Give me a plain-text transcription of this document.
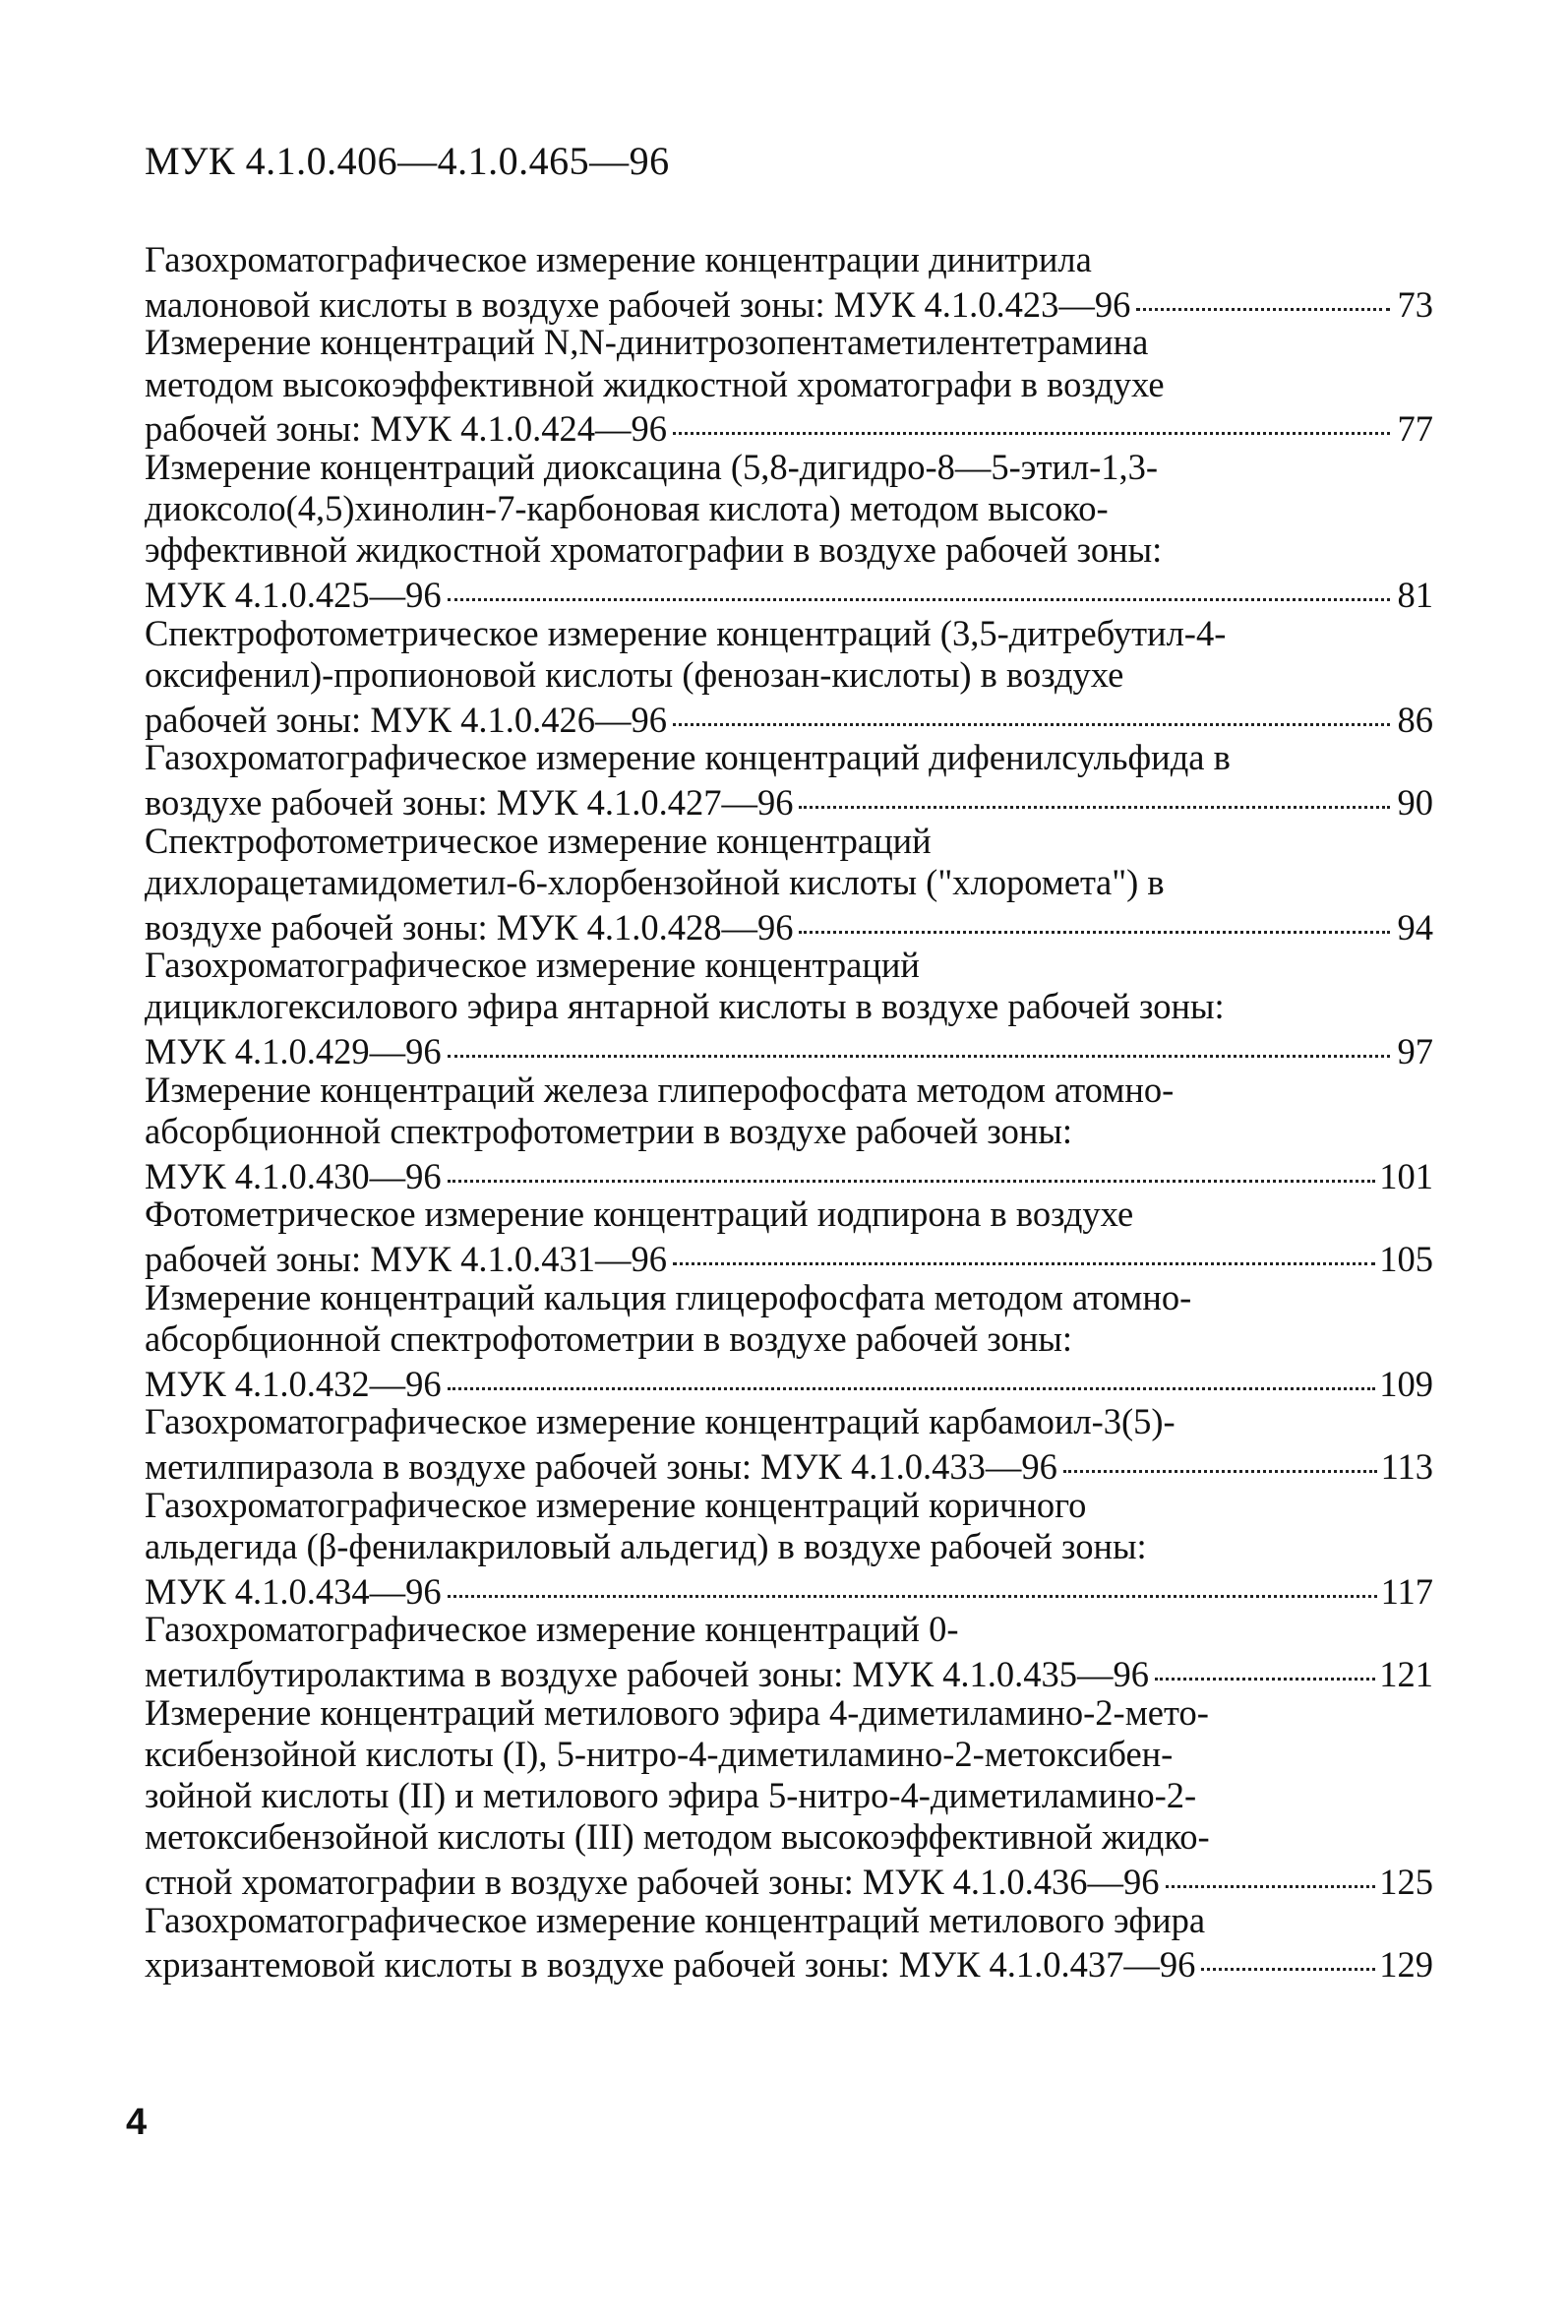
МУК 4.1.0.406—4.1.0.465—96
Газохроматографическое измерение концентрации динитрила
малоновой кислоты в воздухе рабочей зоны: МУК 4.1.0.423—96	73
Измерение концентраций N,N-динитрозопентаметилентетрамина
методом высокоэффективной жидкостной хроматографи в воздухе
рабочей зоны: МУК 4.1.0.424—96	77
Измерение концентраций диоксацина (5,8-дигидро-8—5-этил-1,3-
диоксоло(4,5)хинолин-7-карбоновая кислота) методом высоко-
эффективной жидкостной хроматографии в воздухе рабочей зоны:
МУК 4.1.0.425—96	81
Спектрофотометрическое измерение концентраций (3,5-дитребутил-4-
оксифенил)-пропионовой кислоты (фенозан-кислоты) в воздухе
рабочей зоны: МУК 4.1.0.426—96	86
Газохроматографическое измерение концентраций дифенилсульфида в
воздухе рабочей зоны: МУК 4.1.0.427—96	90
Спектрофотометрическое измерение концентраций
дихлорацетамидометил-6-хлорбензойной кислоты ("хлорометa") в
воздухе рабочей зоны: МУК 4.1.0.428—96	94
Газохроматографическое измерение концентраций
дициклогексилового эфира янтарной кислоты в воздухе рабочей зоны:
МУК 4.1.0.429—96	97
Измерение концентраций железа глиперофосфата методом атомно-
абсорбционной спектрофотометрии в воздухе рабочей зоны:
МУК 4.1.0.430—96	101
Фотометрическое измерение концентраций иодпирона в воздухе
рабочей зоны: МУК 4.1.0.431—96	105
Измерение концентраций кальция глицерофосфата методом атомно-
абсорбционной спектрофотометрии в воздухе рабочей зоны:
МУК 4.1.0.432—96	109
Газохроматографическое измерение концентраций карбамоил-3(5)-
метилпиразола в воздухе рабочей зоны: МУК 4.1.0.433—96	113
Газохроматографическое измерение концентраций коричного
альдегида (β-фенилакриловый альдегид) в воздухе рабочей зоны:
МУК 4.1.0.434—96	117
Газохроматографическое измерение концентраций 0-
метилбутиролактима в воздухе рабочей зоны: МУК 4.1.0.435—96	121
Измерение концентраций метилового эфира 4-диметиламино-2-мето-
ксибензойной кислоты (I), 5-нитро-4-диметиламино-2-метоксибен-
зойной кислоты (II) и метилового эфира 5-нитро-4-диметиламино-2-
метоксибензойной кислоты (III) методом высокоэффективной жидко-
стной хроматографии в воздухе рабочей зоны: МУК 4.1.0.436—96	125
Газохроматографическое измерение концентраций метилового эфира
хризантемовой кислоты в воздухе рабочей зоны: МУК 4.1.0.437—96	129
4
